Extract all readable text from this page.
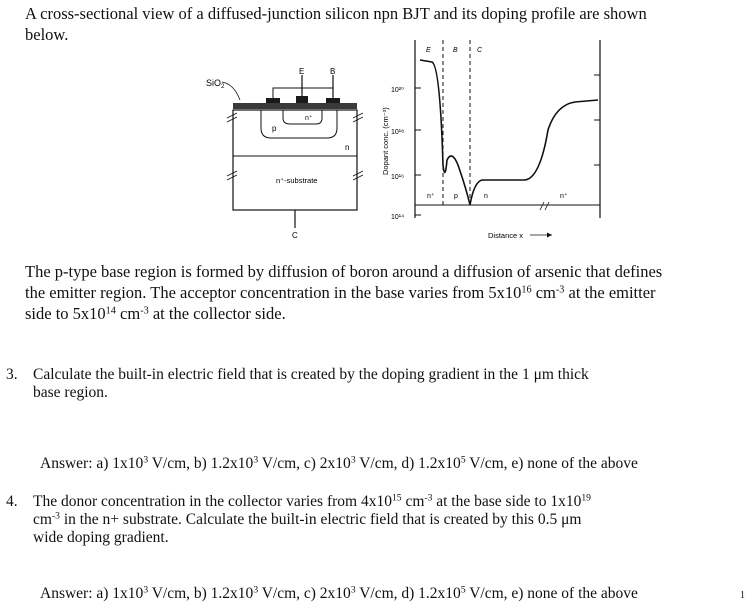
A cross-sectional view of a diffused-junction silicon npn BJT and its doping profile are shown
below.
SiO$_2$
E	B
C
n⁺
p
n
n⁺-substrate
10²⁰
10¹⁸
10¹⁶
10¹⁴
Dopant conc. (cm⁻³)
E	B	C
n⁺	p	n	n⁺
Distance x
The p-type base region is formed by diffusion of boron around a diffusion of arsenic that defines
the emitter region. The acceptor concentration in the base varies from $5x10^{16}$ $cm^{-3}$ at the emitter
side to $5x10^{14}$ $cm^{-3}$ at the collector side.
3. Calculate the built-in electric field that is created by the doping gradient in the 1 μm thick
base region.
Answer: a) $1x10^3$ V/cm, b) $1.2x10^3$ V/cm, c) $2x10^3$ V/cm, d) $1.2x10^5$ V/cm, e) none of the above
4. The donor concentration in the collector varies from $4x10^{15}$ $cm^{-3}$ at the base side to $1x10^{19}$
$cm^{-3}$ in the n+ substrate. Calculate the built-in electric field that is created by this 0.5 μm
wide doping gradient.
Answer: a) $1x10^3$ V/cm, b) $1.2x10^3$ V/cm, c) $2x10^3$ V/cm, d) $1.2x10^5$ V/cm, e) none of the above	1
